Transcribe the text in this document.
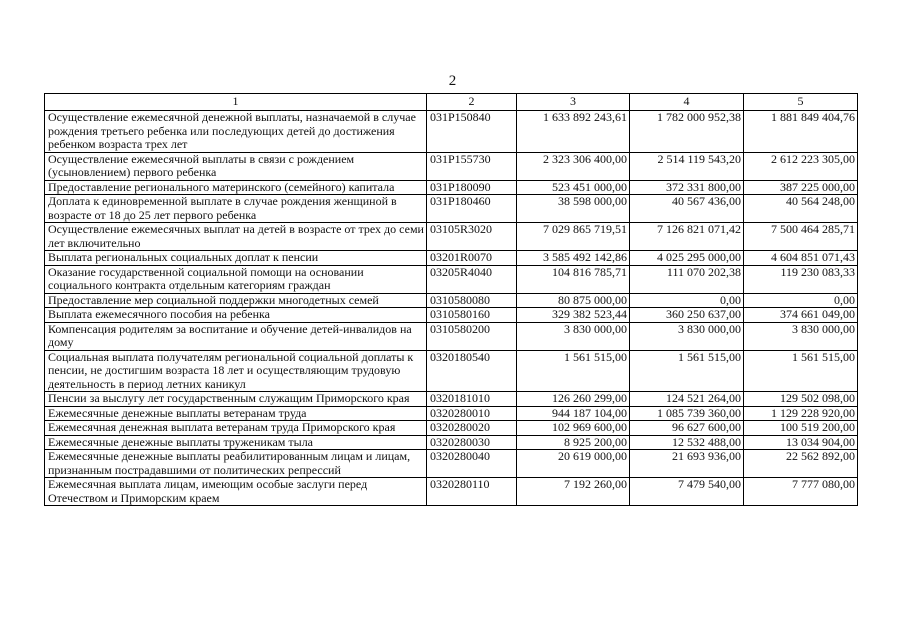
2
1	2	3	4	5
Осуществление ежемесячной денежной выплаты, назначаемой в случае рождения третьего ребенка или последующих детей до достижения ребенком возраста трех лет	031P150840	1 633 892 243,61	1 782 000 952,38	1 881 849 404,76
Осуществление ежемесячной выплаты в связи с рождением (усыновлением) первого ребенка	031P155730	2 323 306 400,00	2 514 119 543,20	2 612 223 305,00
Предоставление регионального материнского (семейного) капитала	031P180090	523 451 000,00	372 331 800,00	387 225 000,00
Доплата к единовременной выплате в случае рождения женщиной в возрасте от 18 до 25 лет первого ребенка	031P180460	38 598 000,00	40 567 436,00	40 564 248,00
Осуществление ежемесячных выплат на детей в возрасте от трех до семи лет включительно	03105R3020	7 029 865 719,51	7 126 821 071,42	7 500 464 285,71
Выплата региональных социальных доплат к пенсии	03201R0070	3 585 492 142,86	4 025 295 000,00	4 604 851 071,43
Оказание государственной социальной помощи на основании социального контракта отдельным категориям граждан	03205R4040	104 816 785,71	111 070 202,38	119 230 083,33
Предоставление мер социальной поддержки многодетных семей	0310580080	80 875 000,00	0,00	0,00
Выплата ежемесячного пособия на ребенка	0310580160	329 382 523,44	360 250 637,00	374 661 049,00
Компенсация родителям за воспитание и обучение детей-инвалидов на дому	0310580200	3 830 000,00	3 830 000,00	3 830 000,00
Социальная выплата получателям региональной социальной доплаты к пенсии, не достигшим возраста 18 лет и осуществляющим трудовую деятельность в период летних каникул	0320180540	1 561 515,00	1 561 515,00	1 561 515,00
Пенсии за выслугу лет государственным служащим Приморского края	0320181010	126 260 299,00	124 521 264,00	129 502 098,00
Ежемесячные денежные выплаты ветеранам труда	0320280010	944 187 104,00	1 085 739 360,00	1 129 228 920,00
Ежемесячная денежная выплата ветеранам труда Приморского края	0320280020	102 969 600,00	96 627 600,00	100 519 200,00
Ежемесячные денежные выплаты труженикам тыла	0320280030	8 925 200,00	12 532 488,00	13 034 904,00
Ежемесячные денежные выплаты реабилитированным лицам и лицам, признанным пострадавшими от политических репрессий	0320280040	20 619 000,00	21 693 936,00	22 562 892,00
Ежемесячная выплата лицам, имеющим особые заслуги перед Отечеством и Приморским краем	0320280110	7 192 260,00	7 479 540,00	7 777 080,00
